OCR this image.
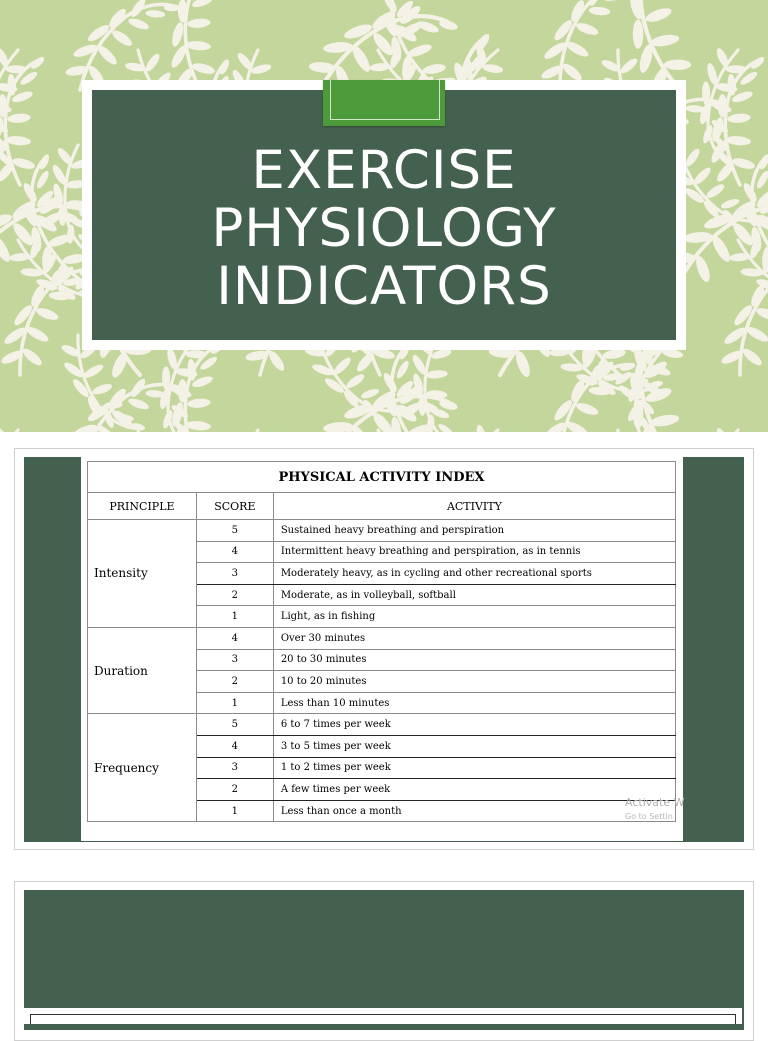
EXERCISE
PHYSIOLOGY
INDICATORS
PHYSICAL ACTIVITY INDEX		
PRINCIPLE	SCORE	ACTIVITY
Intensity	5	Sustained heavy breathing and perspiration
	4	Intermittent heavy breathing and perspiration, as in tennis
	3	Moderately heavy, as in cycling and other recreational sports
	2	Moderate, as in volleyball, softball
	1	Light, as in fishing
Duration	4	Over 30 minutes
	3	20 to 30 minutes
	2	10 to 20 minutes
	1	Less than 10 minutes
Frequency	5	6 to 7 times per week
	4	3 to 5 times per week
	3	1 to 2 times per week
	2	A few times per week
	1	Less than once a month
Activate W
Go to Settin
